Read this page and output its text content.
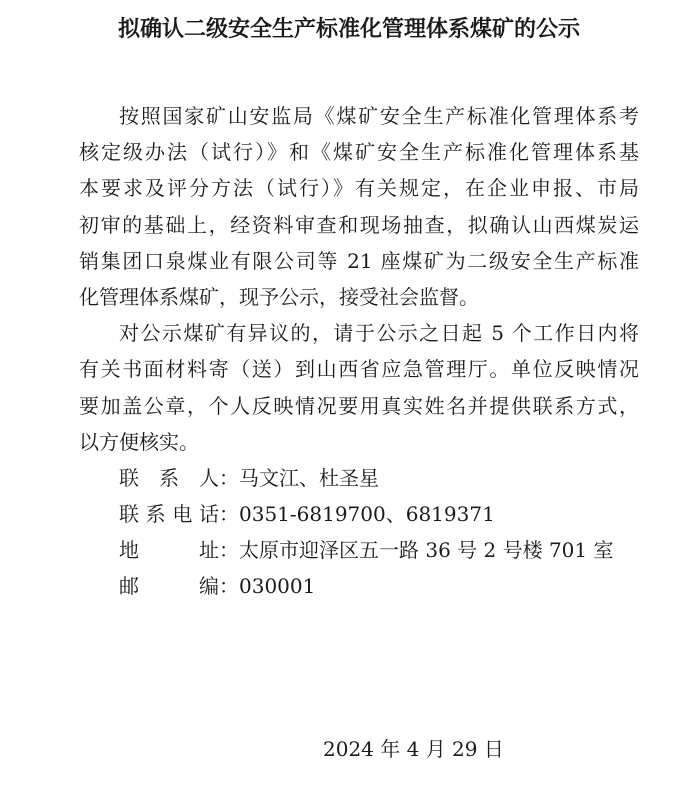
拟确认二级安全生产标准化管理体系煤矿的公示
按照国家矿山安监局《煤矿安全生产标准化管理体系考
核定级办法（试行）》和《煤矿安全生产标准化管理体系基
本要求及评分方法（试行）》有关规定，在企业申报、市局
初审的基础上，经资料审查和现场抽查，拟确认山西煤炭运
销集团口泉煤业有限公司等 21 座煤矿为二级安全生产标准
化管理体系煤矿，现予公示，接受社会监督。
对公示煤矿有异议的，请于公示之日起 5 个工作日内将
有关书面材料寄（送）到山西省应急管理厅。单位反映情况
要加盖公章，个人反映情况要用真实姓名并提供联系方式，
以方便核实。
联系人 ： 马文江、杜圣星
联系电话 ： 0351-6819700、6819371
地址 ： 太原市迎泽区五一路 36 号 2 号楼 701 室
邮编 ： 030001
2024 年 4 月 29 日
